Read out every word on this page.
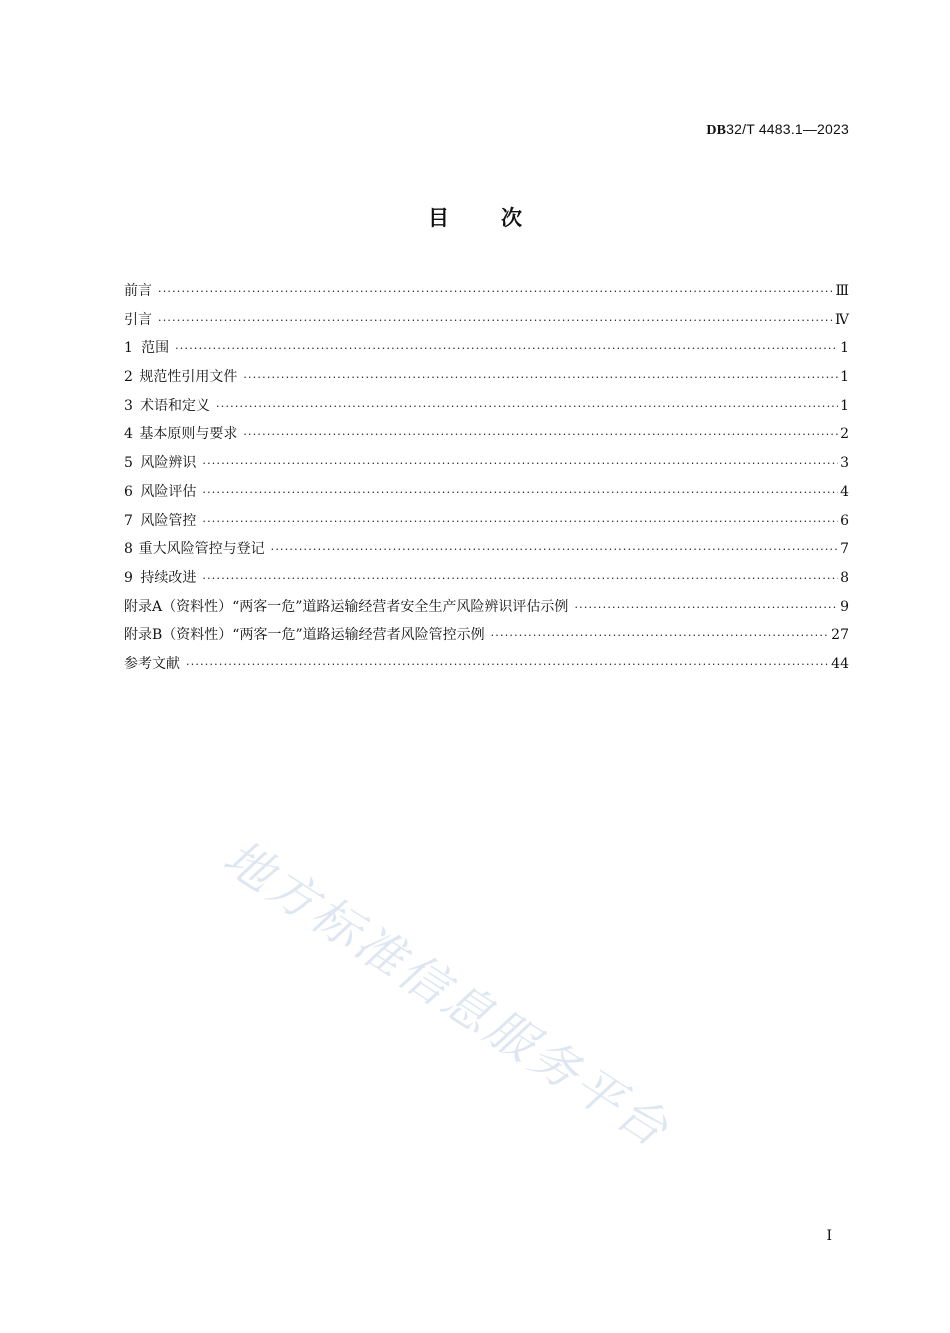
DB32/T 4483.1—2023
目次
前言 ·····	Ⅲ
引言 ·····	Ⅳ
1 范围 ·····	1
2 规范性引用文件 ·····	1
3 术语和定义 ·····	1
4 基本原则与要求 ·····	2
5 风险辨识 ·····	3
6 风险评估 ·····	4
7 风险管控 ·····	6
8 重大风险管控与登记 ·····	7
9 持续改进 ·····	8
附录A（资料性）“两客一危”道路运输经营者安全生产风险辨识评估示例 ·····	9
附录B（资料性）“两客一危”道路运输经营者风险管控示例 ·····	27
参考文献 ·····	44
地方标准信息服务平台
I
